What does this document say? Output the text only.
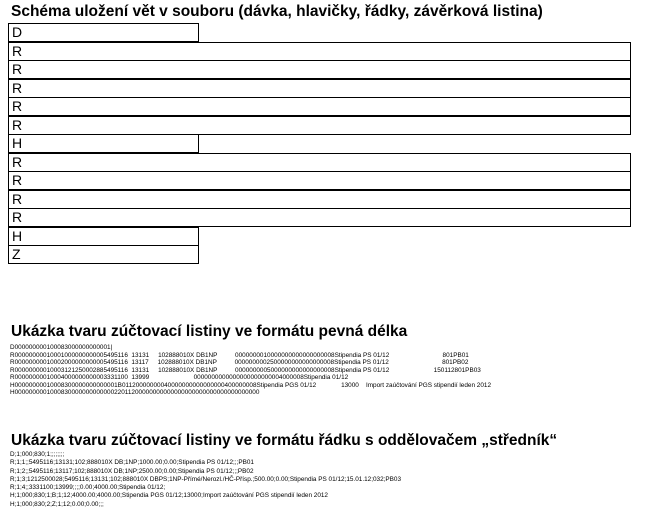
Schéma uložení vět v souboru (dávka, hlavičky, řádky, závěrková listina)
D
R
R
R
R
R
H
R
R
R
R
H
Z
Ukázka tvaru zúčtovací listiny ve formátu pevná délka
D000000000100083000000000001|
R00000000010001000000000005495116  13131     102888010X DB1NP          0000000010000000000000000008Stipendia PS 01/12                              801PB01
R00000000010002000000000005495116  13117     102888010X DB1NP          0000000002500000000000000008Stipendia PS 01/12                              801PB02
R00000000010003121250002885495116  13131     102888010X DB1NP          0000000005000000000000000008Stipendia PS 01/12                         150112801PB03
R00000000010004000000000003331100  13999                         0000000000000000000000004000008Stipendia 01/12
H00000000010008300000000000001B01120000000040000000000000000400000008Stipendia PGS 01/12              13000    Import zaúčtování PGS stipendií leden 2012
H000000000100083000000000000022011200000000000000000000000000000000000
Ukázka tvaru zúčtovací listiny ve formátu řádku s oddělovačem „středník“
D;1;000;830;1;;;;;;;;
R;1;1;;5495116;13131;102;888010X DB;1NP;1000.00;0.00;Stipendia PS 01/12;;;PB01
R;1;2;;5495116;13117;102;888010X DB;1NP;2500.00;0.00;Stipendia PS 01/12;;;PB02
R;1;3;1212500028;5495116;13131;102;888010X DBPS;1NP-Přímé/Nerozl./HČ-Přísp.;500.00;0.00;Stipendia PS 01/12;15.01.12;032;PB03
R;1;4;;3331100;13999;;;;0.00;4000.00;Stipendia 01/12;
H;1;000;830;1;B;1;12;4000.00;4000.00;Stipendia PGS 01/12;13000;Import zaúčtování PGS stipendií leden 2012
H;1;000;830;2;Z;1;12;0.00;0.00;;;
